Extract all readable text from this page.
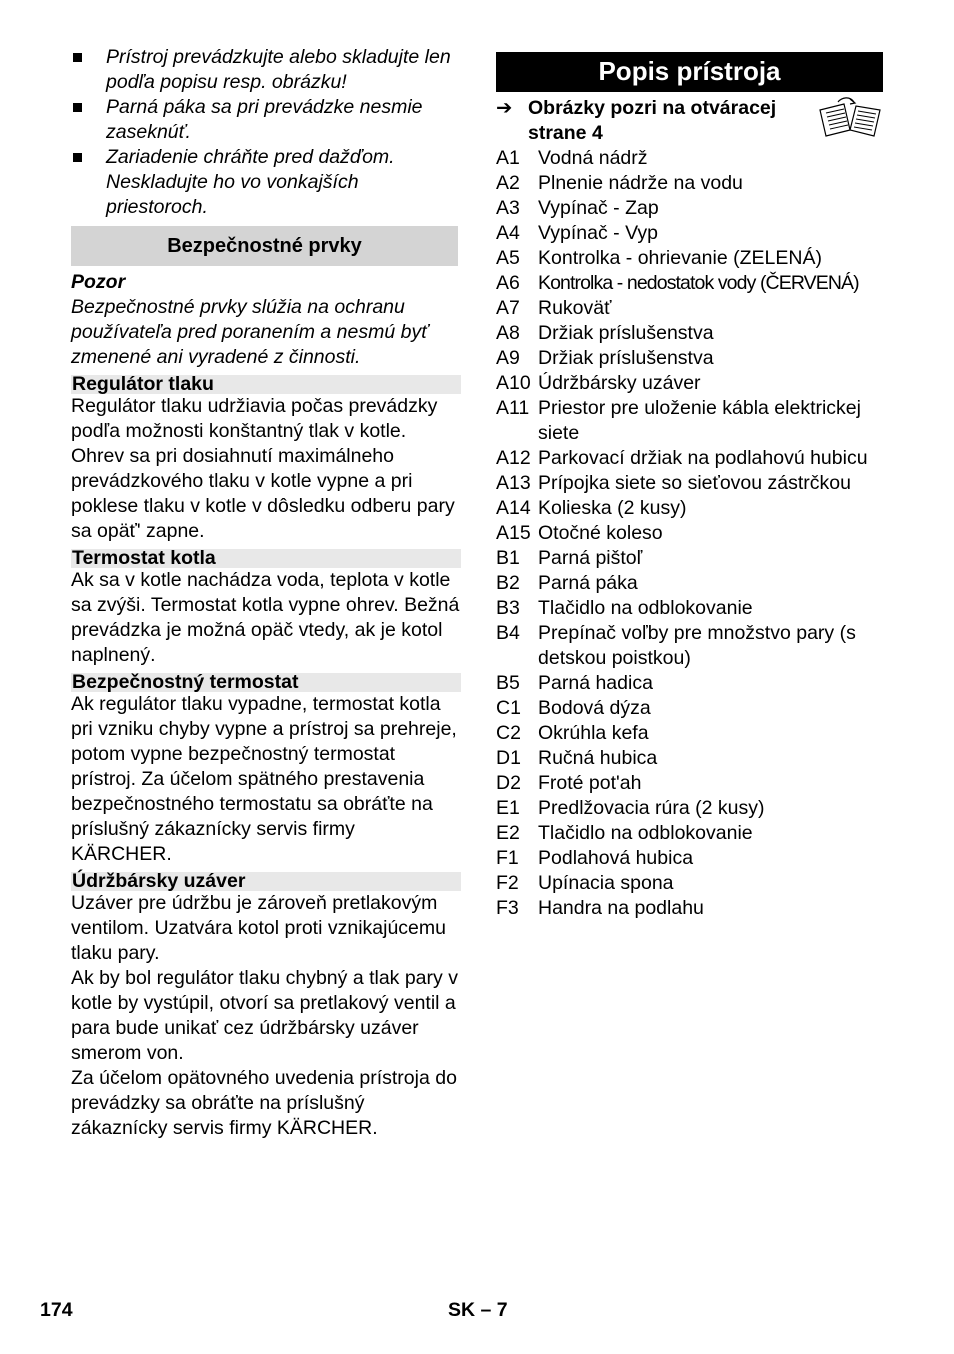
Prístroj prevádzkujte alebo skladujte len podľa popisu resp. obrázku!
Parná páka sa pri prevádzke nesmie zaseknúť.
Zariadenie chráňte pred dažďom. Neskladujte ho vo vonkajších priestoroch.
Bezpečnostné prvky
Pozor
Bezpečnostné prvky slúžia na ochranu používateľa pred poranením a nesmú byť zmenené ani vyradené z činnosti.
Regulátor tlaku

Regulátor tlaku udržiavia počas prevádzky podľa možnosti konštantný tlak v kotle. Ohrev sa pri dosiahnutí maximálneho prevádzkového tlaku v kotle vypne a pri poklese tlaku v kotle v dôsledku odberu pary sa opäť' zapne.

Termostat kotla

Ak sa v kotle nachádza voda, teplota v kotle sa zvýši. Termostat kotla vypne ohrev. Bežná prevádzka je možná opäč vtedy, ak je kotol naplnený.

Bezpečnostný termostat

Ak regulátor tlaku vypadne, termostat kotla pri vzniku chyby vypne a prístroj sa prehreje, potom vypne bezpečnostný termostat prístroj. Za účelom spätného prestavenia bezpečnostného termostatu sa obráťte na príslušný zákaznícky servis firmy KÄRCHER.

Údržbársky uzáver

Uzáver pre údržbu je zároveň pretlakovým ventilom. Uzatvára kotol proti vznikajúcemu tlaku pary.

Ak by bol regulátor tlaku chybný a tlak pary v kotle by vystúpil, otvorí sa pretlakový ventil a para bude unikať cez údržbársky uzáver smerom von.

Za účelom opätovného uvedenia prístroja do prevádzky sa obráťte na príslušný zákaznícky servis firmy KÄRCHER.

Popis prístroja
➔ Obrázky pozri na otváracej strane 4
A1 Vodná nádrž
A2 Plnenie nádrže na vodu
A3 Vypínač - Zap
A4 Vypínač - Vyp
A5 Kontrolka - ohrievanie (ZELENÁ)
A6 Kontrolka - nedostatok vody (ČERVENÁ)
A7 Rukoväť
A8 Držiak príslušenstva
A9 Držiak príslušenstva
A10 Údržbársky uzáver
A11 Priestor pre uloženie kábla elektrickej siete
A12 Parkovací držiak na podlahovú hubicu
A13 Prípojka siete so sieťovou zástrčkou
A14 Kolieska (2 kusy)
A15 Otočné koleso
B1 Parná pištoľ
B2 Parná páka
B3 Tlačidlo na odblokovanie
B4 Prepínač voľby pre množstvo pary (s detskou poistkou)
B5 Parná hadica
C1 Bodová dýza
C2 Okrúhla kefa
D1 Ručná hubica
D2 Froté pot'ah
E1 Predlžovacia rúra (2 kusy)
E2 Tlačidlo na odblokovanie
F1 Podlahová hubica
F2 Upínacia spona
F3 Handra na podlahu
174	SK – 7
